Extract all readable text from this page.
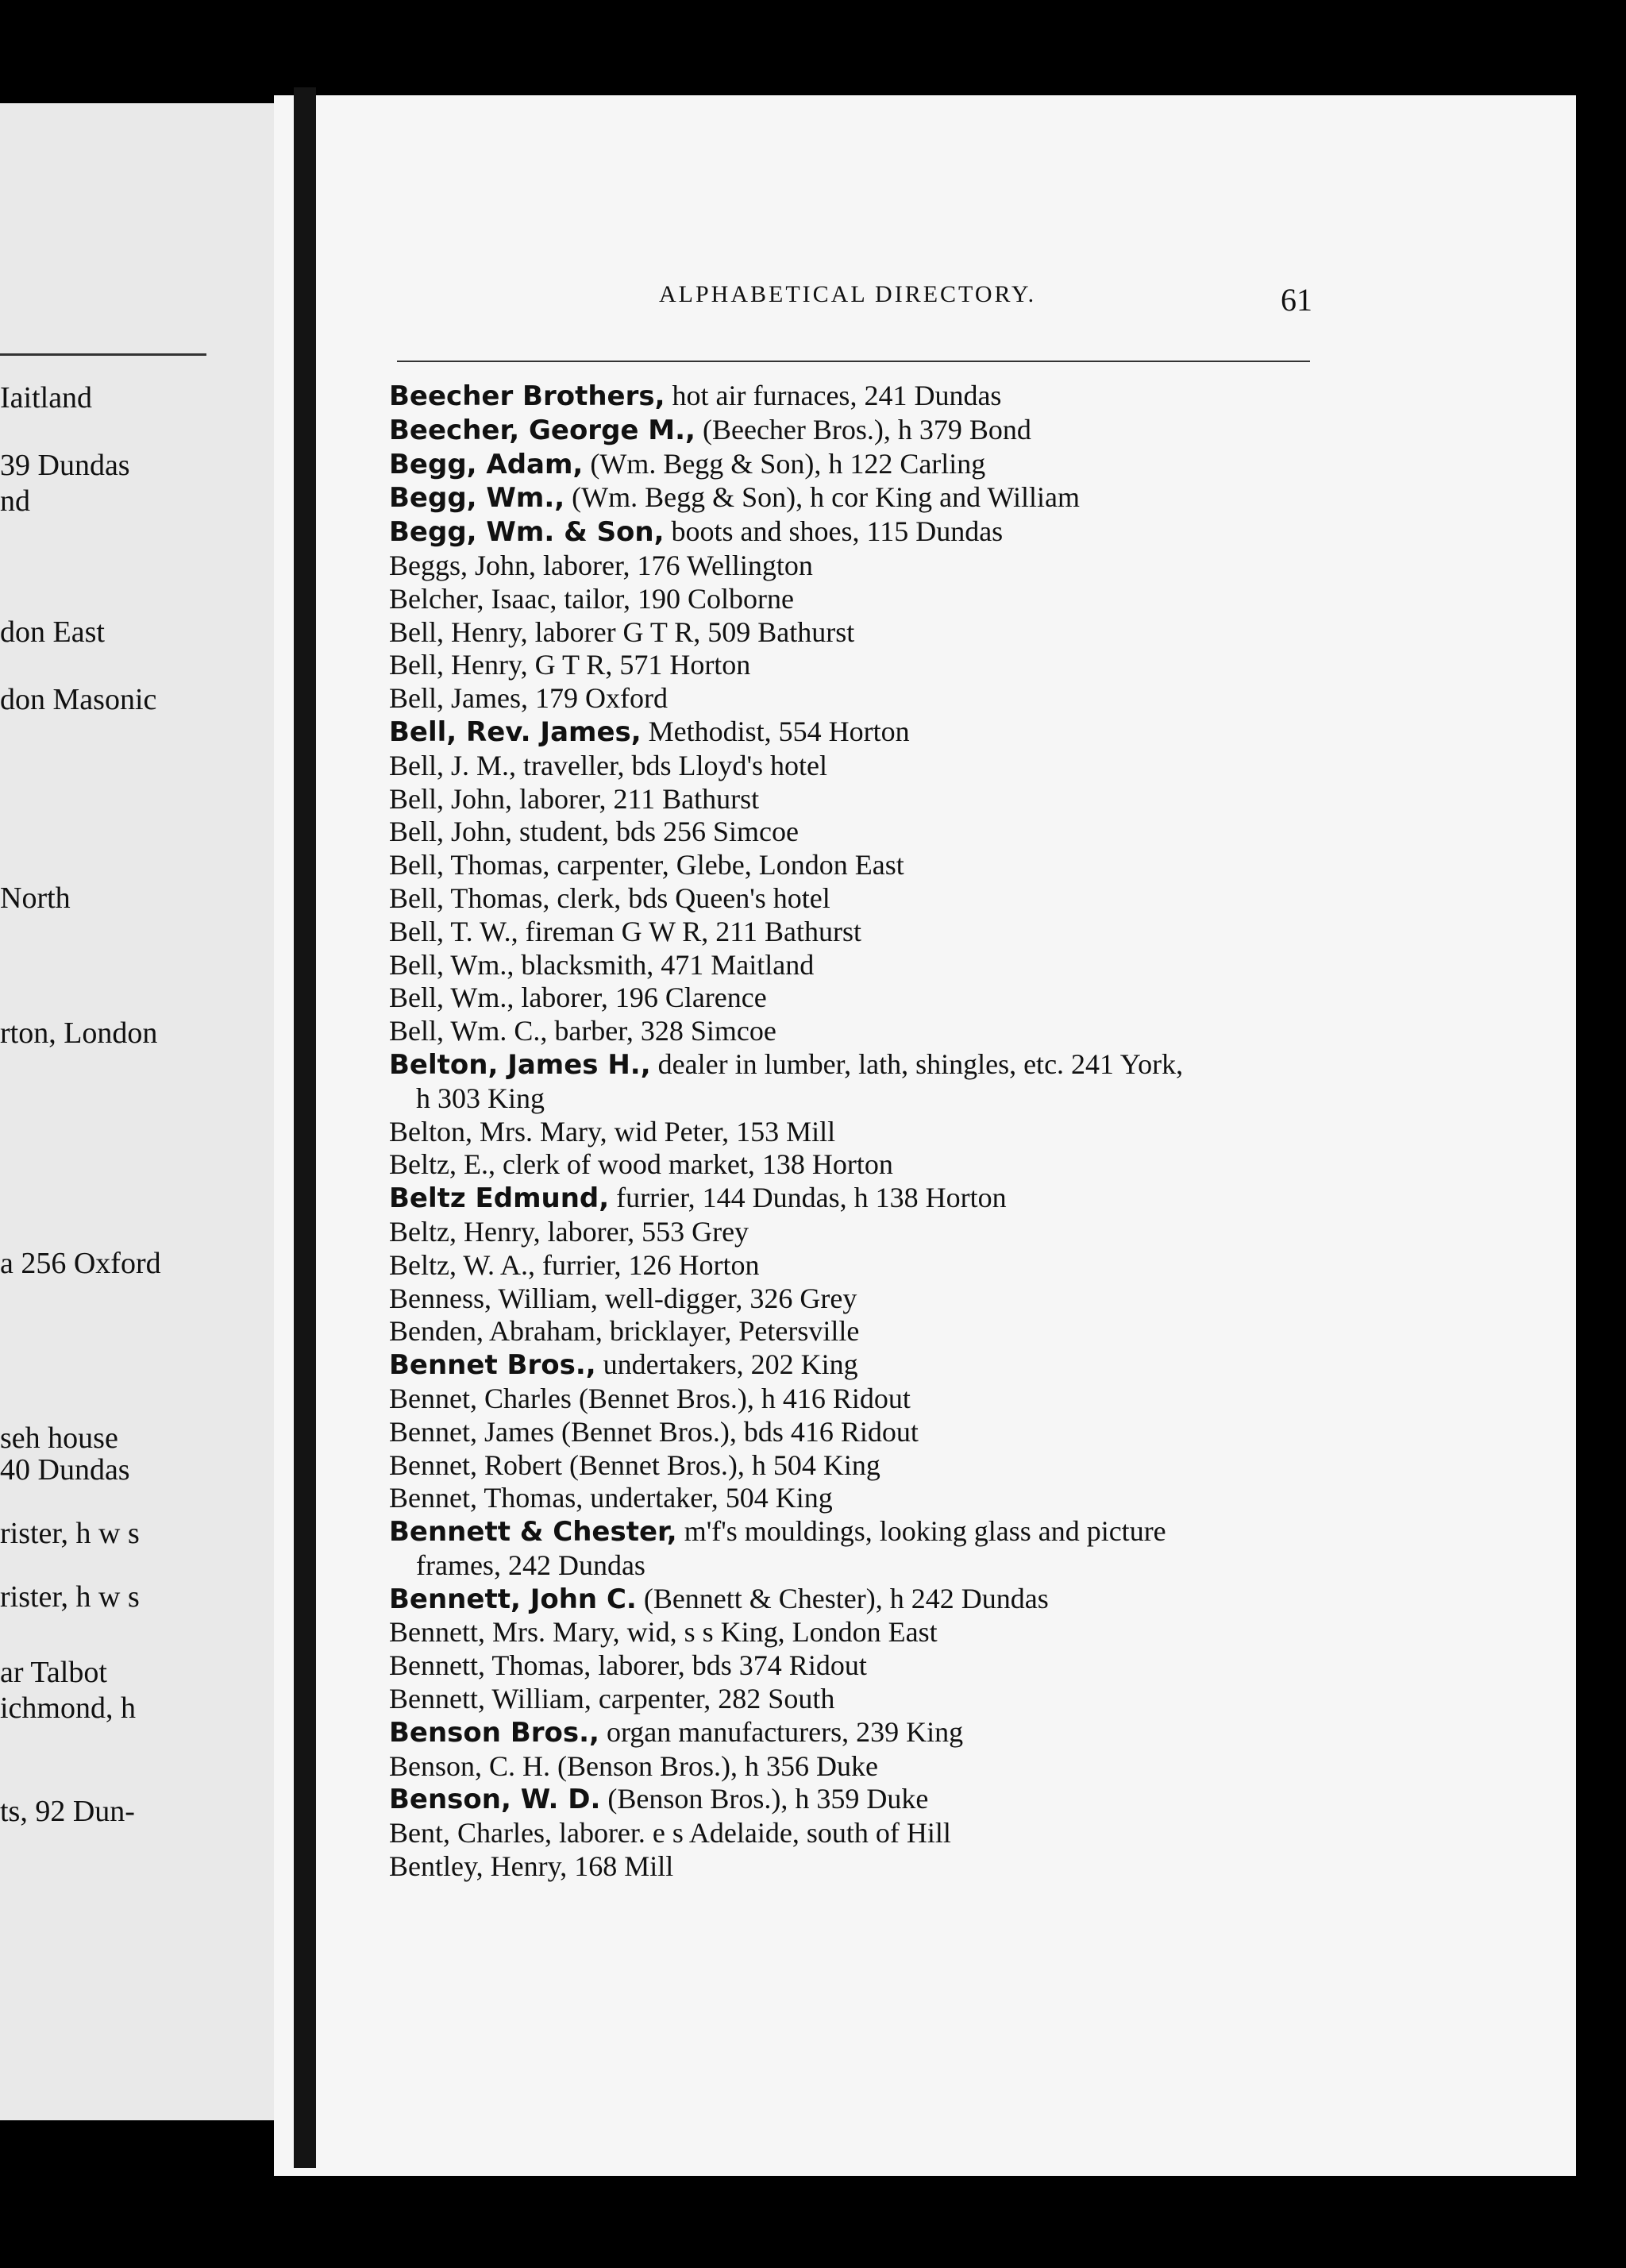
Iaitland
39 Dundas
nd
don East
don Masonic
North
rton, London
a 256 Oxford
seh house
40 Dundas
rister, h w s
rister, h w s
ar Talbot
ichmond, h
ts, 92 Dun-
ALPHABETICAL DIRECTORY.	61
Beecher Brothers, hot air furnaces, 241 Dundas
Beecher, George M., (Beecher Bros.), h 379 Bond
Begg, Adam, (Wm. Begg & Son), h 122 Carling
Begg, Wm., (Wm. Begg & Son), h cor King and William
Begg, Wm. & Son, boots and shoes, 115 Dundas
Beggs, John, laborer, 176 Wellington
Belcher, Isaac, tailor, 190 Colborne
Bell, Henry, laborer G T R, 509 Bathurst
Bell, Henry, G T R, 571 Horton
Bell, James, 179 Oxford
Bell, Rev. James, Methodist, 554 Horton
Bell, J. M., traveller, bds Lloyd's hotel
Bell, John, laborer, 211 Bathurst
Bell, John, student, bds 256 Simcoe
Bell, Thomas, carpenter, Glebe, London East
Bell, Thomas, clerk, bds Queen's hotel
Bell, T. W., fireman G W R, 211 Bathurst
Bell, Wm., blacksmith, 471 Maitland
Bell, Wm., laborer, 196 Clarence
Bell, Wm. C., barber, 328 Simcoe
Belton, James H., dealer in lumber, lath, shingles, etc. 241 York,
h 303 King
Belton, Mrs. Mary, wid Peter, 153 Mill
Beltz, E., clerk of wood market, 138 Horton
Beltz Edmund, furrier, 144 Dundas, h 138 Horton
Beltz, Henry, laborer, 553 Grey
Beltz, W. A., furrier, 126 Horton
Benness, William, well-digger, 326 Grey
Benden, Abraham, bricklayer, Petersville
Bennet Bros., undertakers, 202 King
Bennet, Charles (Bennet Bros.), h 416 Ridout
Bennet, James (Bennet Bros.), bds 416 Ridout
Bennet, Robert (Bennet Bros.), h 504 King
Bennet, Thomas, undertaker, 504 King
Bennett & Chester, m'f's mouldings, looking glass and picture
frames, 242 Dundas
Bennett, John C. (Bennett & Chester), h 242 Dundas
Bennett, Mrs. Mary, wid, s s King, London East
Bennett, Thomas, laborer, bds 374 Ridout
Bennett, William, carpenter, 282 South
Benson Bros., organ manufacturers, 239 King
Benson, C. H. (Benson Bros.), h 356 Duke
Benson, W. D. (Benson Bros.), h 359 Duke
Bent, Charles, laborer. e s Adelaide, south of Hill
Bentley, Henry, 168 Mill
